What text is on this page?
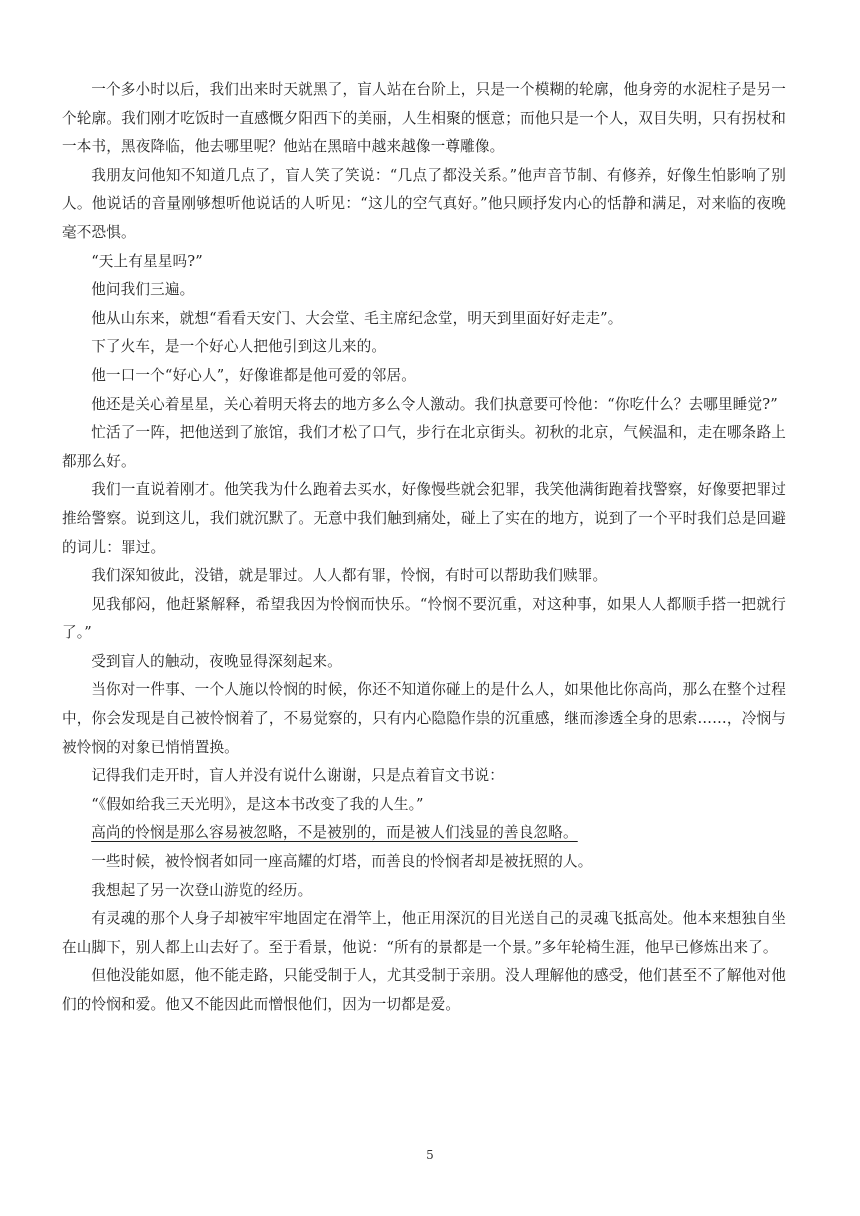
一个多小时以后，我们出来时天就黑了，盲人站在台阶上，只是一个模糊的轮廓，他身旁的水泥柱子是另一个轮廓。我们刚才吃饭时一直感慨夕阳西下的美丽，人生相聚的惬意；而他只是一个人，双目失明，只有拐杖和一本书，黑夜降临，他去哪里呢？他站在黑暗中越来越像一尊雕像。

我朋友问他知不知道几点了，盲人笑了笑说：“几点了都没关系。”他声音节制、有修养，好像生怕影响了别人。他说话的音量刚够想听他说话的人听见：“这儿的空气真好。”他只顾抒发内心的恬静和满足，对来临的夜晚毫不恐惧。

“天上有星星吗?”

他问我们三遍。

他从山东来，就想“看看天安门、大会堂、毛主席纪念堂，明天到里面好好走走”。

下了火车，是一个好心人把他引到这儿来的。

他一口一个“好心人”，好像谁都是他可爱的邻居。

他还是关心着星星，关心着明天将去的地方多么令人激动。我们执意要可怜他：“你吃什么？去哪里睡觉?”

忙活了一阵，把他送到了旅馆，我们才松了口气，步行在北京街头。初秋的北京，气候温和，走在哪条路上都那么好。

我们一直说着刚才。他笑我为什么跑着去买水，好像慢些就会犯罪，我笑他满街跑着找警察，好像要把罪过推给警察。说到这儿，我们就沉默了。无意中我们触到痛处，碰上了实在的地方，说到了一个平时我们总是回避的词儿：罪过。

我们深知彼此，没错，就是罪过。人人都有罪，怜悯，有时可以帮助我们赎罪。

见我郁闷，他赶紧解释，希望我因为怜悯而快乐。“怜悯不要沉重，对这种事，如果人人都顺手搭一把就行了。”

受到盲人的触动，夜晚显得深刻起来。

当你对一件事、一个人施以怜悯的时候，你还不知道你碰上的是什么人，如果他比你高尚，那么在整个过程中，你会发现是自己被怜悯着了，不易觉察的，只有内心隐隐作祟的沉重感，继而渗透全身的思索……，冷悯与被怜悯的对象已悄悄置换。

记得我们走开时，盲人并没有说什么谢谢，只是点着盲文书说：

“《假如给我三天光明》，是这本书改变了我的人生。”

高尚的怜悯是那么容易被忽略，不是被别的，而是被人们浅显的善良忽略。

一些时候，被怜悯者如同一座高耀的灯塔，而善良的怜悯者却是被抚照的人。

我想起了另一次登山游览的经历。

有灵魂的那个人身子却被牢牢地固定在滑竿上，他正用深沉的目光送自己的灵魂飞抵高处。他本来想独自坐在山脚下，别人都上山去好了。至于看景，他说：“所有的景都是一个景。”多年轮椅生涯，他早已修炼出来了。

但他没能如愿，他不能走路，只能受制于人，尤其受制于亲朋。没人理解他的感受，他们甚至不了解他对他们的怜悯和爱。他又不能因此而憎恨他们，因为一切都是爱。

5
